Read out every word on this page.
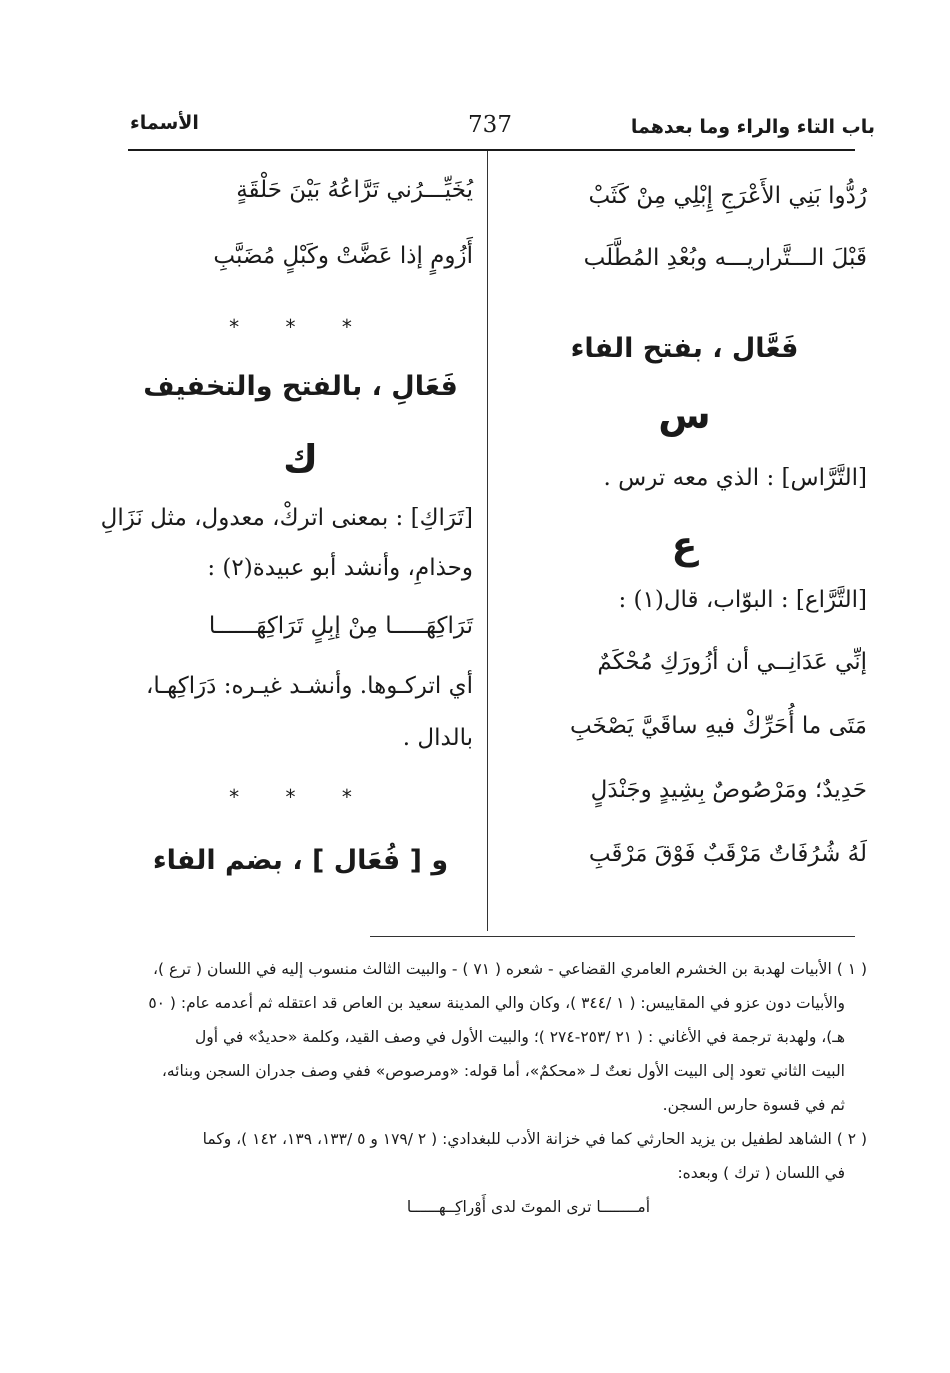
باب التاء والراء وما بعدهما
737
الأسماء
رُدُّوا بَنِي الأَعْرَجِ إِبْلِي مِنْ كَثَبْ
قَبْلَ الـــتَّراريـــه وبُعْدِ المُطَّلَب
فَعَّال ، بفتح الفاء
س
[التَّرَّاس] : الذي معه ترس .
ع
[التَّرَّاع] : البوّاب، قال(١) :
إنِّي عَدَانِــي أن أزُورَكِ مُحْكَمٌ
مَتَى ما أُحَرِّكْ فيهِ ساقَيَّ يَصْخَبِ
حَدِيدٌ؛ ومَرْصُوصٌ بِشِيدٍ وجَنْدَلٍ
لَهُ شُرُفَاتٌ مَرْقَبٌ فَوْقَ مَرْقَبِ
يُخَيِّـــرُني تَرَّاعُهُ بَيْنَ حَلْقَةٍ
أَزُومٍ إذا عَضَّتْ وكَبْلٍ مُضَبَّبِ
* * *
فَعَالِ ، بالفتح والتخفيف
ك
[تَرَاكِ] : بمعنى اتركْ، معدول، مثل نَزَالِ
وحذامِ، وأنشد أبو عبيدة(٢) :
تَرَاكِهَـــــا مِنْ إبِلٍ تَرَاكِهَــــــا
أي اتركـوها. وأنشـد غيـره: دَرَاكِهـا،
بالدال .
* * *
و [ فُعَال ] ، بضم الفاء
( ١ ) الأبيات لهدبة بن الخشرم العامري القضاعي - شعره ( ٧١ ) - والبيت الثالث منسوب إليه في اللسان ( ترع )،
والأبيات دون عزو في المقاييس: ( ١ /٣٤٤ )، وكان والي المدينة سعيد بن العاص قد اعتقله ثم أعدمه عام: ( ٥٠
هـ)، ولهدبة ترجمة في الأغاني : ( ٢١ /٢٥٣-٢٧٤ )؛ والبيت الأول في وصف القيد، وكلمة «حديدٌ» في أول
البيت الثاني تعود إلى البيت الأول نعتٌ لـ «محكمٌ»، أما قوله: «ومرصوص» ففي وصف جدران السجن وبنائه،
ثم في قسوة حارس السجن.
( ٢ ) الشاهد لطفيل بن يزيد الحارثي كما في خزانة الأدب للبغدادي: ( ٢ /١٧٩ و ٥ /١٣٣، ١٣٩، ١٤٢ )، وكما
في اللسان ( ترك ) وبعده:
أمــــــــا ترى الموتَ لدى أَوْراكِــهــــــا
